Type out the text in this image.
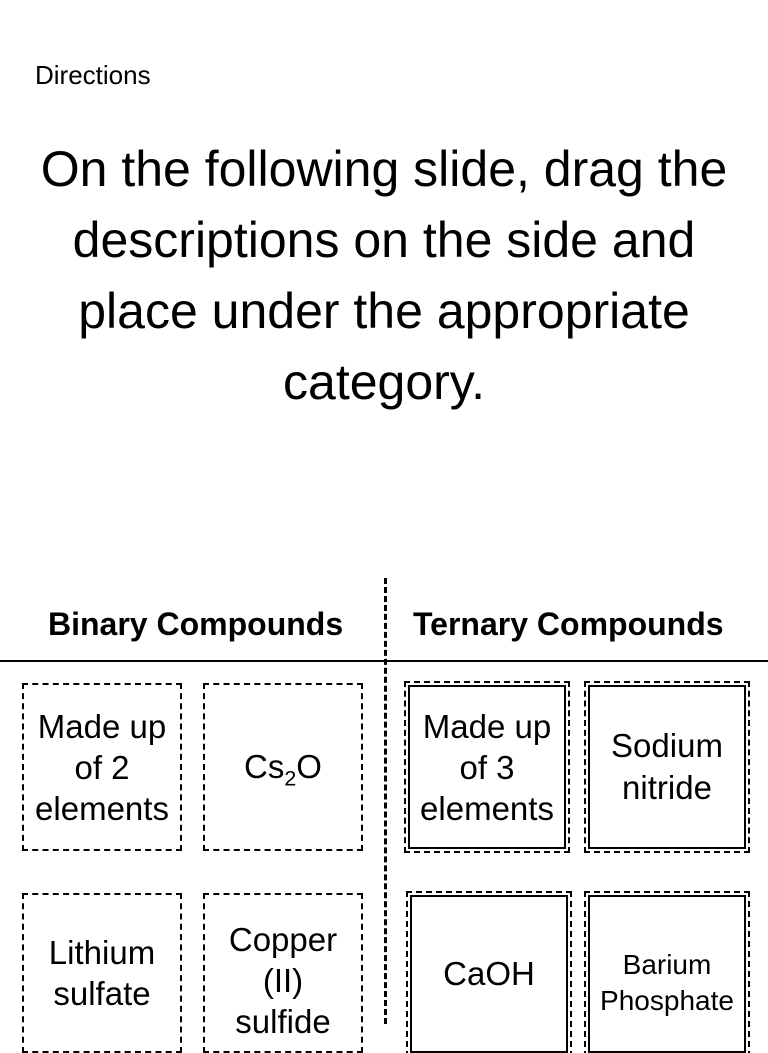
Directions
On the following slide, drag the descriptions on the side and place under the appropriate category.
Binary Compounds Ternary Compounds
Made up
of 2
elements
$Cs_2O$
Made up
of 3
elements
Sodium
nitride
Lithium
sulfate
Copper
(II)
sulfide
CaOH	Barium
Phosphate
